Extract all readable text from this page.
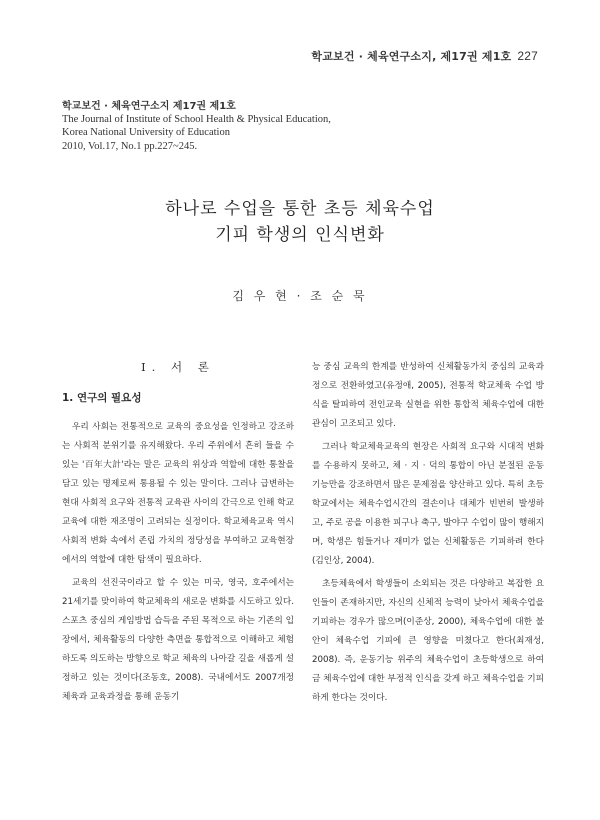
학교보건 · 체육연구소지, 제17권 제1호 227
학교보건 · 체육연구소지 제17권 제1호
The Journal of Institute of School Health & Physical Education,
Korea National University of Education
2010, Vol.17, No.1 pp.227~245.
하나로 수업을 통한 초등 체육수업
기피 학생의 인식변화
김 우 현 · 조 순 묵
Ⅰ. 서 론
1. 연구의 필요성

우리 사회는 전통적으로 교육의 중요성을 인정하고 강조하는 사회적 분위기를 유지해왔다. 우리 주위에서 흔히 들을 수 있는 '百年大計'라는 말은 교육의 위상과 역할에 대한 통찰을 담고 있는 명제로써 통용될 수 있는 말이다. 그러나 급변하는 현대 사회적 요구와 전통적 교육관 사이의 간극으로 인해 학교교육에 대한 재조명이 고려되는 실정이다. 학교체육교육 역시 사회적 변화 속에서 존립 가치의 정당성을 부여하고 교육현장에서의 역할에 대한 탐색이 필요하다.

교육의 선진국이라고 할 수 있는 미국, 영국, 호주에서는 21세기를 맞이하여 학교체육의 새로운 변화를 시도하고 있다. 스포츠 중심의 게임방법 습득을 주된 목적으로 하는 기존의 입장에서, 체육활동의 다양한 측면을 통합적으로 이해하고 체험하도록 의도하는 방향으로 학교 체육의 나아갈 길을 새롭게 설정하고 있는 것이다(조동호, 2008). 국내에서도 2007개정 체육과 교육과정을 통해 운동기

능 중심 교육의 한계를 반성하여 신체활동가치 중심의 교육과정으로 전환하였고(유정애, 2005), 전통적 학교체육 수업 방식을 탈피하여 전인교육 실현을 위한 통합적 체육수업에 대한 관심이 고조되고 있다.

그러나 학교체육교육의 현장은 사회적 요구와 시대적 변화를 수용하지 못하고, 체 · 지 · 덕의 통합이 아닌 분절된 운동 기능만을 강조하면서 많은 문제점을 양산하고 있다. 특히 초등학교에서는 체육수업시간의 결손이나 대체가 빈번히 발생하고, 주로 공을 이용한 피구나 축구, 발야구 수업이 많이 행해지며, 학생은 힘들거나 재미가 없는 신체활동은 기피하려 한다(김인상, 2004).

초등체육에서 학생들이 소외되는 것은 다양하고 복잡한 요인들이 존재하지만, 자신의 신체적 능력이 낮아서 체육수업을 기피하는 경우가 많으며(이준상, 2000), 체육수업에 대한 불안이 체육수업 기피에 큰 영향을 미쳤다고 한다(최재성, 2008). 즉, 운동기능 위주의 체육수업이 초등학생으로 하여금 체육수업에 대한 부정적 인식을 갖게 하고 체육수업을 기피하게 한다는 것이다.
